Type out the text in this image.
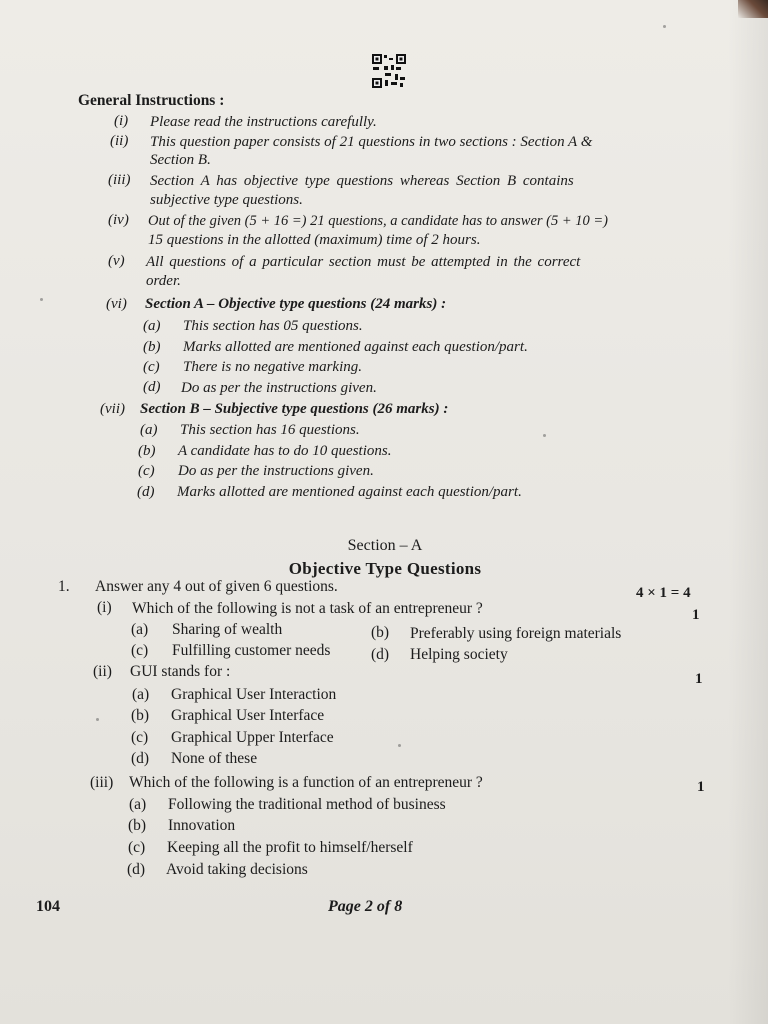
General Instructions :
(i) Please read the instructions carefully.
(ii) This question paper consists of 21 questions in two sections : Section A &
Section B.
(iii) Section A has objective type questions whereas Section B contains
subjective type questions.
(iv) Out of the given (5 + 16 =) 21 questions, a candidate has to answer (5 + 10 =)
15 questions in the allotted (maximum) time of 2 hours.
(v) All questions of a particular section must be attempted in the correct
order.
(vi) Section A – Objective type questions (24 marks) :
(a) This section has 05 questions.
(b) Marks allotted are mentioned against each question/part.
(c) There is no negative marking.
(d) Do as per the instructions given.
(vii) Section B – Subjective type questions (26 marks) :
(a) This section has 16 questions.
(b) A candidate has to do 10 questions.
(c) Do as per the instructions given.
(d) Marks allotted are mentioned against each question/part.
Section – A
Objective Type Questions
1. Answer any 4 out of given 6 questions.	4 × 1 = 4
(i) Which of the following is not a task of an entrepreneur ?	1
(a) Sharing of wealth	(b) Preferably using foreign materials
(c) Fulfilling customer needs	(d) Helping society
(ii) GUI stands for :	1
(a) Graphical User Interaction
(b) Graphical User Interface
(c) Graphical Upper Interface
(d) None of these
(iii) Which of the following is a function of an entrepreneur ?	1
(a) Following the traditional method of business
(b) Innovation
(c) Keeping all the profit to himself/herself
(d) Avoid taking decisions
104	Page 2 of 8
